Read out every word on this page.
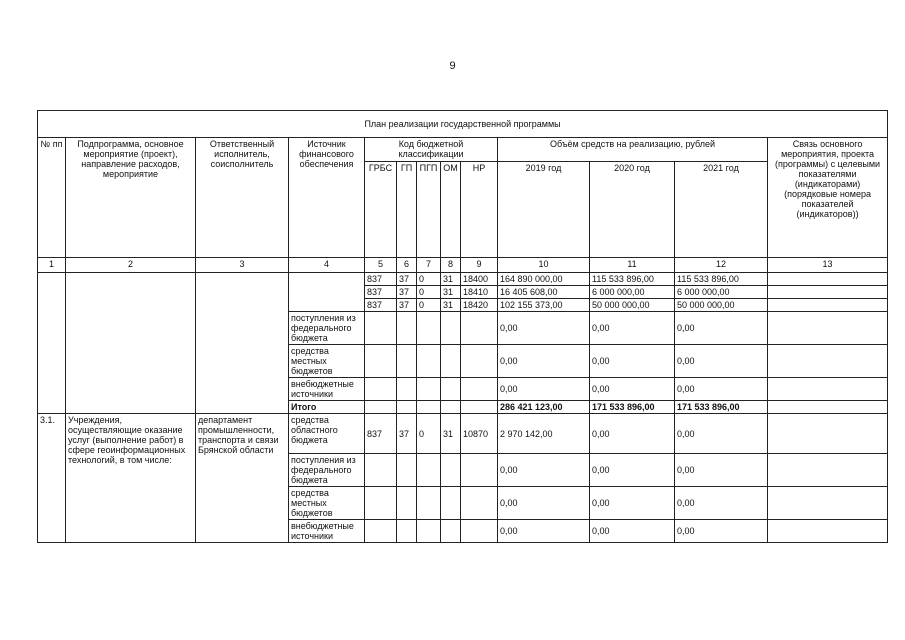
9
План реализации государственной программы												
№ пп	Подпрограмма, основное мероприятие (проект), направление расходов, мероприятие	Ответственный исполнитель, соисполнитель	Источник финансового обеспечения	Код бюджетной классификации					Объём средств на реализацию, рублей			Связь основного мероприятия, проекта (программы) с целевыми показателями (индикаторами) (порядковые номера показателей (индикаторов))
				ГРБС	ГП	ПГП	ОМ	НР	2019 год	2020 год	2021 год	
1	2	3	4	5	6	7	8	9	10	11	12	13
				837	37	0	31	18400	164 890 000,00	115 533 896,00	115 533 896,00	
				837	37	0	31	18410	16 405 608,00	6 000 000,00	6 000 000,00	
				837	37	0	31	18420	102 155 373,00	50 000 000,00	50 000 000,00	
			поступления из федерального бюджета						0,00	0,00	0,00	
			средства местных бюджетов						0,00	0,00	0,00	
			внебюджетные источники						0,00	0,00	0,00	
			Итого						286 421 123,00	171 533 896,00	171 533 896,00	
3.1.	Учреждения, осуществляющие оказание услуг (выполнение работ) в сфере геоинформационных технологий, в том числе:	департамент промышленности, транспорта и связи Брянской области	средства областного бюджета	837	37	0	31	10870	2 970 142,00	0,00	0,00	
			поступления из федерального бюджета						0,00	0,00	0,00	
			средства местных бюджетов						0,00	0,00	0,00	
			внебюджетные источники						0,00	0,00	0,00	
